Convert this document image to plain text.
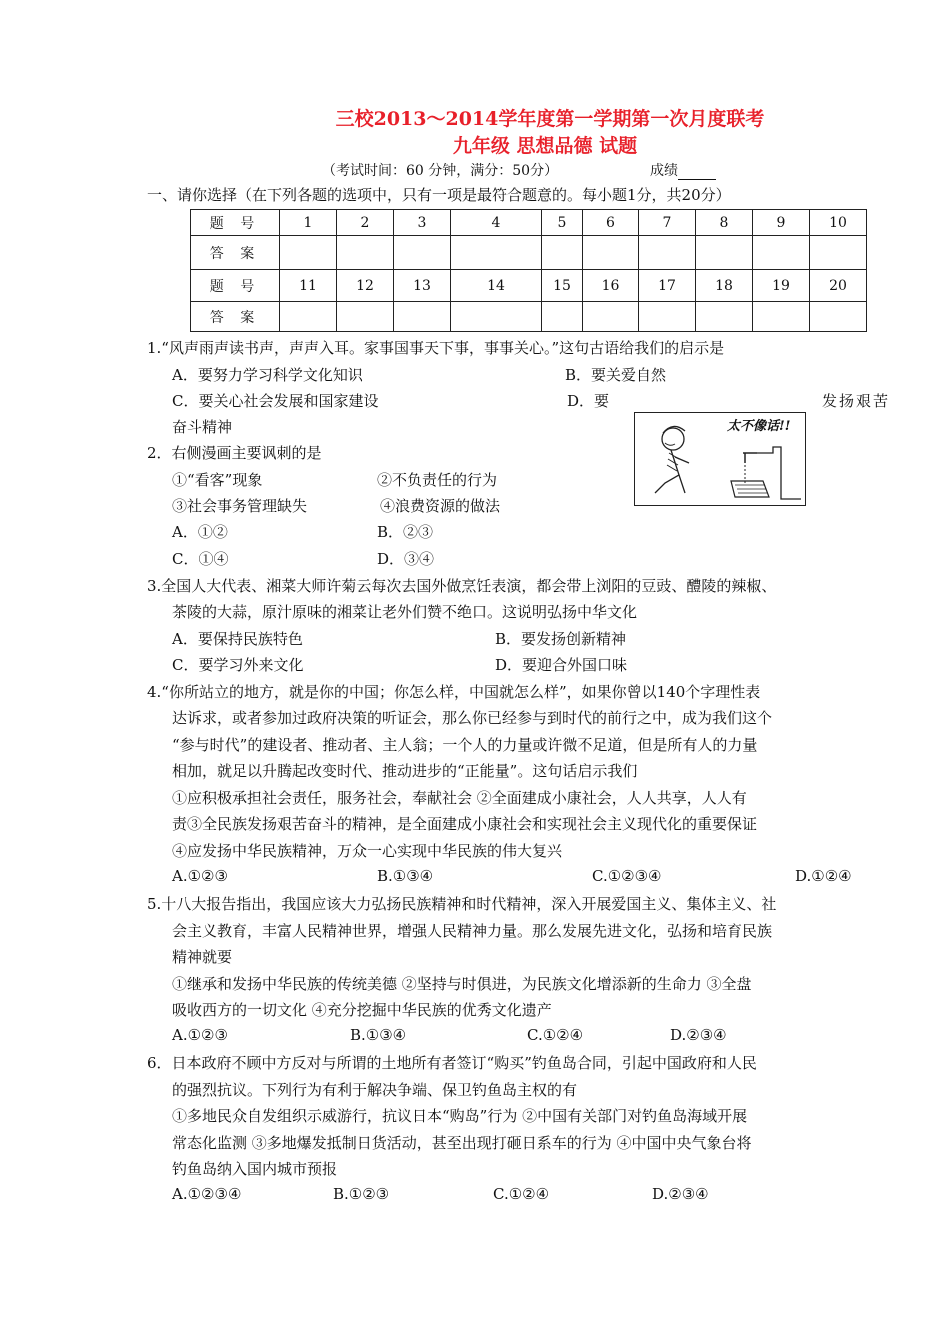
三校2013～2014学年度第一学期第一次月度联考
九年级 思想品德 试题
（考试时间：60 分钟，满分：50分）	成绩
一、请你选择（在下列各题的选项中，只有一项是最符合题意的。每小题1分，共20分）
题 号	1	2	3	4	5	6	7	8	9	10
答 案										
题 号	11	12	13	14	15	16	17	18	19	20
答 案										
1.“风声雨声读书声，声声入耳。家事国事天下事，事事关心。”这句古语给我们的启示是
A．要努力学习科学文化知识	B．要关爱自然
C．要关心社会发展和国家建设	D．要	发扬艰苦
奋斗精神	太不像话!!
2．右侧漫画主要讽刺的是
①“看客”现象	②不负责任的行为
③社会事务管理缺失	④浪费资源的做法
A．①②	B．②③
C．①④	D．③④
3.全国人大代表、湘菜大师许菊云每次去国外做烹饪表演，都会带上浏阳的豆豉、醴陵的辣椒、
茶陵的大蒜，原汁原味的湘菜让老外们赞不绝口。这说明弘扬中华文化
A．要保持民族特色	B．要发扬创新精神
C．要学习外来文化	D．要迎合外国口味
4.“你所站立的地方，就是你的中国；你怎么样，中国就怎么样”，如果你曾以140个字理性表
达诉求，或者参加过政府决策的听证会，那么你已经参与到时代的前行之中，成为我们这个
“参与时代”的建设者、推动者、主人翁；一个人的力量或许微不足道，但是所有人的力量
相加，就足以升腾起改变时代、推动进步的“正能量”。这句话启示我们
①应积极承担社会责任，服务社会，奉献社会 ②全面建成小康社会，人人共享，人人有
责③全民族发扬艰苦奋斗的精神，是全面建成小康社会和实现社会主义现代化的重要保证
④应发扬中华民族精神，万众一心实现中华民族的伟大复兴
A.①②③	B.①③④	C.①②③④	D.①②④
5.十八大报告指出，我国应该大力弘扬民族精神和时代精神，深入开展爱国主义、集体主义、社
会主义教育，丰富人民精神世界，增强人民精神力量。那么发展先进文化，弘扬和培育民族
精神就要
①继承和发扬中华民族的传统美德 ②坚持与时俱进，为民族文化增添新的生命力 ③全盘
吸收西方的一切文化 ④充分挖掘中华民族的优秀文化遗产
A.①②③	B.①③④	C.①②④	D.②③④
6．日本政府不顾中方反对与所谓的土地所有者签订“购买”钓鱼岛合同，引起中国政府和人民
的强烈抗议。下列行为有利于解决争端、保卫钓鱼岛主权的有
①多地民众自发组织示威游行，抗议日本“购岛”行为 ②中国有关部门对钓鱼岛海域开展
常态化监测 ③多地爆发抵制日货活动，甚至出现打砸日系车的行为 ④中国中央气象台将
钓鱼岛纳入国内城市预报
A.①②③④	B.①②③	C.①②④	D.②③④
